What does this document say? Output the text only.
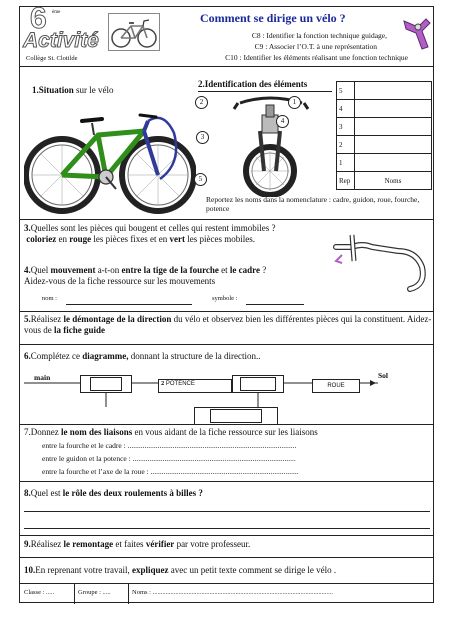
6 ème
Activité
Collège St. Clotilde
Comment se dirige un vélo ?
C8 : Identifier la fonction technique guidage,
C9 : Associer l’O.T. à une représentation
C10 : Identifier les éléments réalisant une fonction technique
1.Situation sur le vélo
2.Identification des éléments
2	1
4
3
5
5	
4	
3	
2	
1	
Rep	Noms
Reportez les noms dans la nomenclature : cadre, guidon, roue, fourche, potence
3.Quelles sont les pièces qui bougent et celles qui restent immobiles ?
coloriez en rouge les pièces fixes et en vert les pièces mobiles.
4.Quel mouvement a-t-on entre la tige de la fourche et le cadre ?
Aidez-vous de la fiche ressource sur les mouvements
nom :	symbole :
5.Réalisez le démontage de la direction du vélo et observez bien les différentes pièces qui la constituent. Aidez-vous de la fiche guide
6.Complétez ce diagramme, donnant la structure de la direction..
main	Sol
2 POTENCE	ROUE
7.Donnez le nom des liaisons en vous aidant de la fiche ressource sur les liaisons
entre la fourche et le cadre : ..........................................................................................
entre le guidon et la potence : .......................................................................................
entre la fourche et l’axe de la roue : ...............................................................................
8.Quel est le rôle des deux roulements à billes ?
9.Réalisez le remontage et faites vérifier par votre professeur.
10.En reprenant votre travail, expliquez avec un petit texte comment se dirige le vélo .
Classe : .....	Groupe : .....	Noms : ...............................................................................................................
